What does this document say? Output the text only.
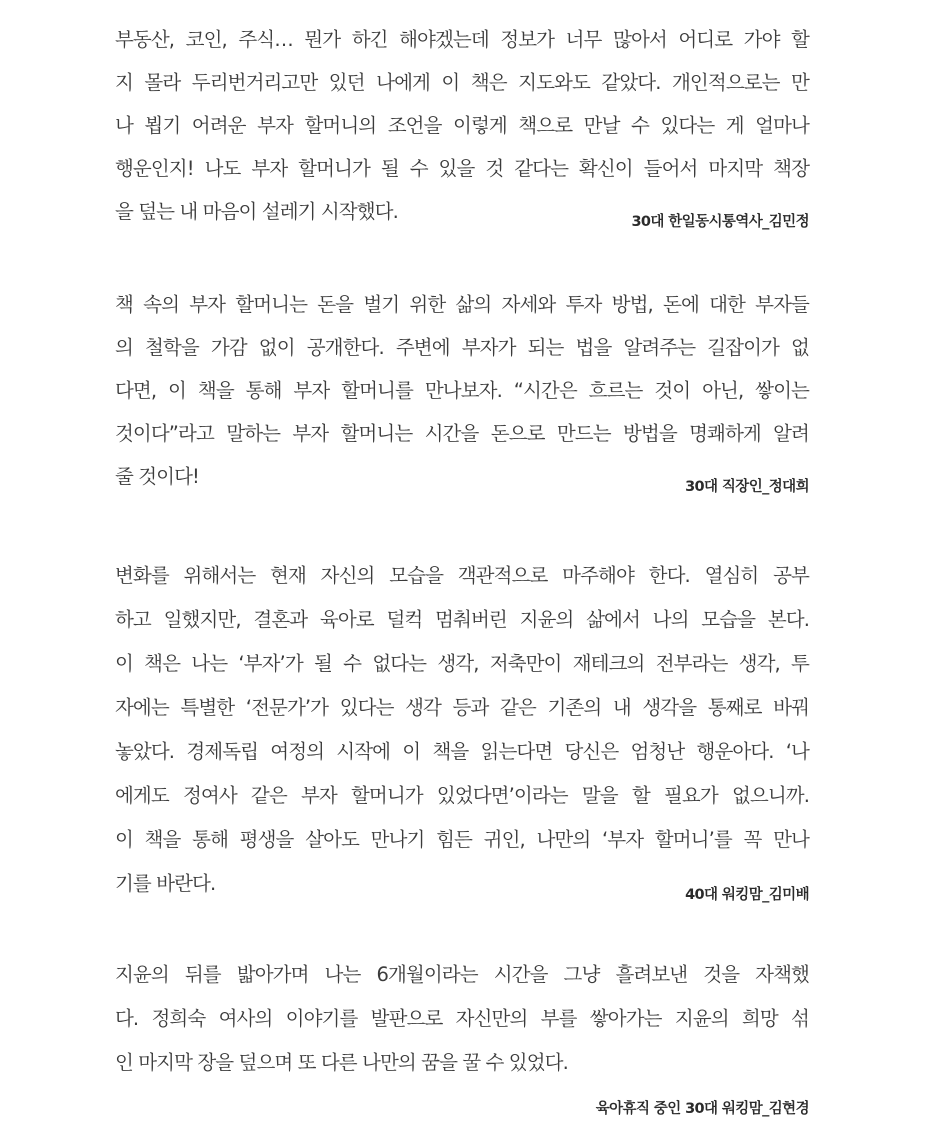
부동산, 코인, 주식… 뭔가 하긴 해야겠는데 정보가 너무 많아서 어디로 가야 할
지 몰라 두리번거리고만 있던 나에게 이 책은 지도와도 같았다. 개인적으로는 만
나 뵙기 어려운 부자 할머니의 조언을 이렇게 책으로 만날 수 있다는 게 얼마나
행운인지! 나도 부자 할머니가 될 수 있을 것 같다는 확신이 들어서 마지막 책장
을 덮는 내 마음이 설레기 시작했다.	30대 한일동시통역사_김민정
책 속의 부자 할머니는 돈을 벌기 위한 삶의 자세와 투자 방법, 돈에 대한 부자들
의 철학을 가감 없이 공개한다. 주변에 부자가 되는 법을 알려주는 길잡이가 없
다면, 이 책을 통해 부자 할머니를 만나보자. “시간은 흐르는 것이 아닌, 쌓이는
것이다”라고 말하는 부자 할머니는 시간을 돈으로 만드는 방법을 명쾌하게 알려
줄 것이다!	30대 직장인_정대희
변화를 위해서는 현재 자신의 모습을 객관적으로 마주해야 한다. 열심히 공부
하고 일했지만, 결혼과 육아로 덜컥 멈춰버린 지윤의 삶에서 나의 모습을 본다.
이 책은 나는 ‘부자’가 될 수 없다는 생각, 저축만이 재테크의 전부라는 생각, 투
자에는 특별한 ‘전문가’가 있다는 생각 등과 같은 기존의 내 생각을 통째로 바꿔
놓았다. 경제독립 여정의 시작에 이 책을 읽는다면 당신은 엄청난 행운아다. ‘나
에게도 정여사 같은 부자 할머니가 있었다면’이라는 말을 할 필요가 없으니까.
이 책을 통해 평생을 살아도 만나기 힘든 귀인, 나만의 ‘부자 할머니’를 꼭 만나
기를 바란다.	40대 워킹맘_김미배
지윤의 뒤를 밟아가며 나는 6개월이라는 시간을 그냥 흘려보낸 것을 자책했
다. 정희숙 여사의 이야기를 발판으로 자신만의 부를 쌓아가는 지윤의 희망 섞
인 마지막 장을 덮으며 또 다른 나만의 꿈을 꿀 수 있었다.
육아휴직 중인 30대 워킹맘_김현경
